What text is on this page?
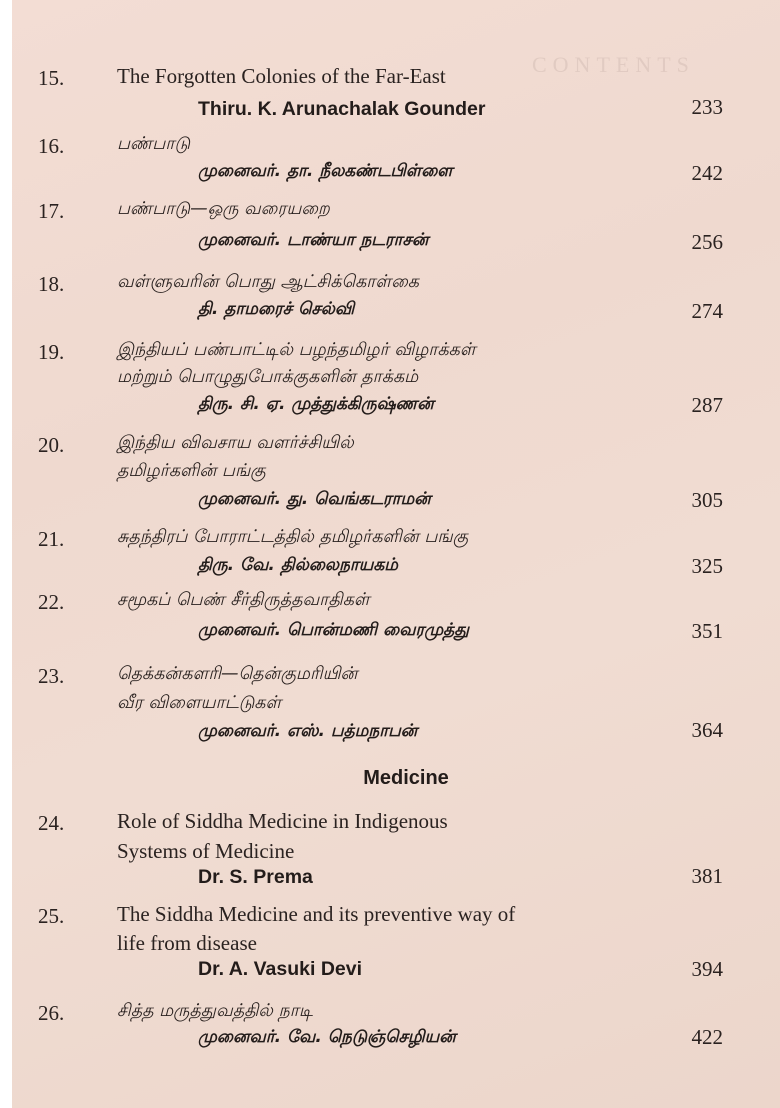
CONTENTS
15.	The Forgotten Colonies of the Far-East
Thiru. K. Arunachalak Gounder	233
16.	பண்பாடு
முனைவர். தா. நீலகண்டபிள்ளை	242
17.	பண்பாடு—ஒரு வரையறை
முனைவர். டாண்யா நடராசன்	256
18.	வள்ளுவரின் பொது ஆட்சிக்கொள்கை
தி. தாமரைச் செல்வி	274
19.	இந்தியப் பண்பாட்டில் பழந்தமிழர் விழாக்கள்
மற்றும் பொழுதுபோக்குகளின் தாக்கம்
திரு. சி. ஏ. முத்துக்கிருஷ்ணன்	287
20.	இந்திய விவசாய வளர்ச்சியில்
தமிழர்களின் பங்கு
முனைவர். து. வெங்கடராமன்	305
21.	சுதந்திரப் போராட்டத்தில் தமிழர்களின் பங்கு
திரு. வே. தில்லைநாயகம்	325
22.	சமூகப் பெண் சீர்திருத்தவாதிகள்
முனைவர். பொன்மணி வைரமுத்து	351
23.	தெக்கன்களரி—தென்குமரியின்
வீர விளையாட்டுகள்
முனைவர். எஸ். பத்மநாபன்	364
Medicine
24.	Role of Siddha Medicine in Indigenous
Systems of Medicine
Dr. S. Prema	381
25.	The Siddha Medicine and its preventive way of
life from disease
Dr. A. Vasuki Devi	394
26.	சித்த மருத்துவத்தில் நாடி
முனைவர். வே. நெடுஞ்செழியன்	422
